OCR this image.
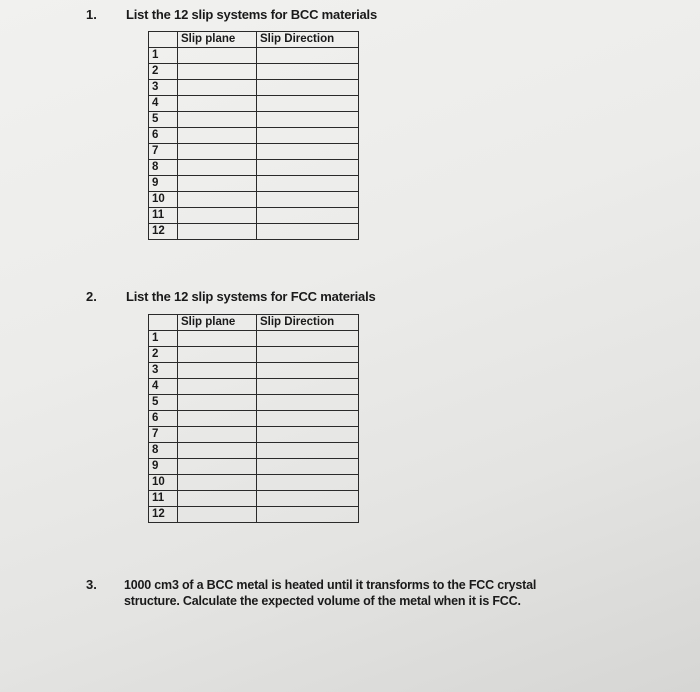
1. List the 12 slip systems for BCC materials
	Slip plane	Slip Direction
1		
2		
3		
4		
5		
6		
7		
8		
9		
10		
11		
12		
2. List the 12 slip systems for FCC materials
	Slip plane	Slip Direction
1		
2		
3		
4		
5		
6		
7		
8		
9		
10		
11		
12		
3. 1000 cm3 of a BCC metal is heated until it transforms to the FCC crystal structure. Calculate the expected volume of the metal when it is FCC.
